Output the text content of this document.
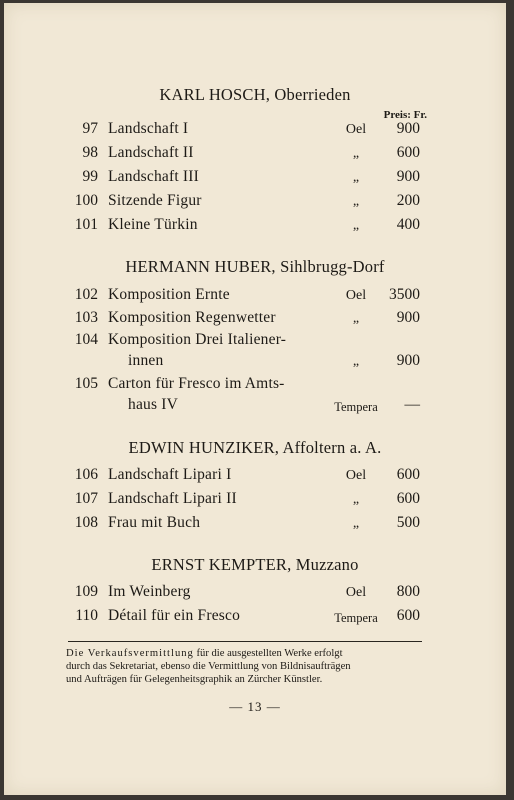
KARL HOSCH, Oberrieden
Preis: Fr.
97 Landschaft I	Oel	900
98 Landschaft II	„	600
99 Landschaft III	„	900
100 Sitzende Figur	„	200
101 Kleine Türkin	„	400
HERMANN HUBER, Sihlbrugg-Dorf
102 Komposition Ernte	Oel	3500
103 Komposition Regenwetter	„	900
104 Komposition Drei Italiener-
innen	„	900
105 Carton für Fresco im Amts-
haus IV	Tempera	—
EDWIN HUNZIKER, Affoltern a. A.
106 Landschaft Lipari I	Oel	600
107 Landschaft Lipari II	„	600
108 Frau mit Buch	„	500
ERNST KEMPTER, Muzzano
109 Im Weinberg	Oel	800
110 Détail für ein Fresco	Tempera	600
Die Verkaufsvermittlung für die ausgestellten Werke erfolgt
durch das Sekretariat, ebenso die Vermittlung von Bildnisaufträgen
und Aufträgen für Gelegenheitsgraphik an Zürcher Künstler.
— 13 —
